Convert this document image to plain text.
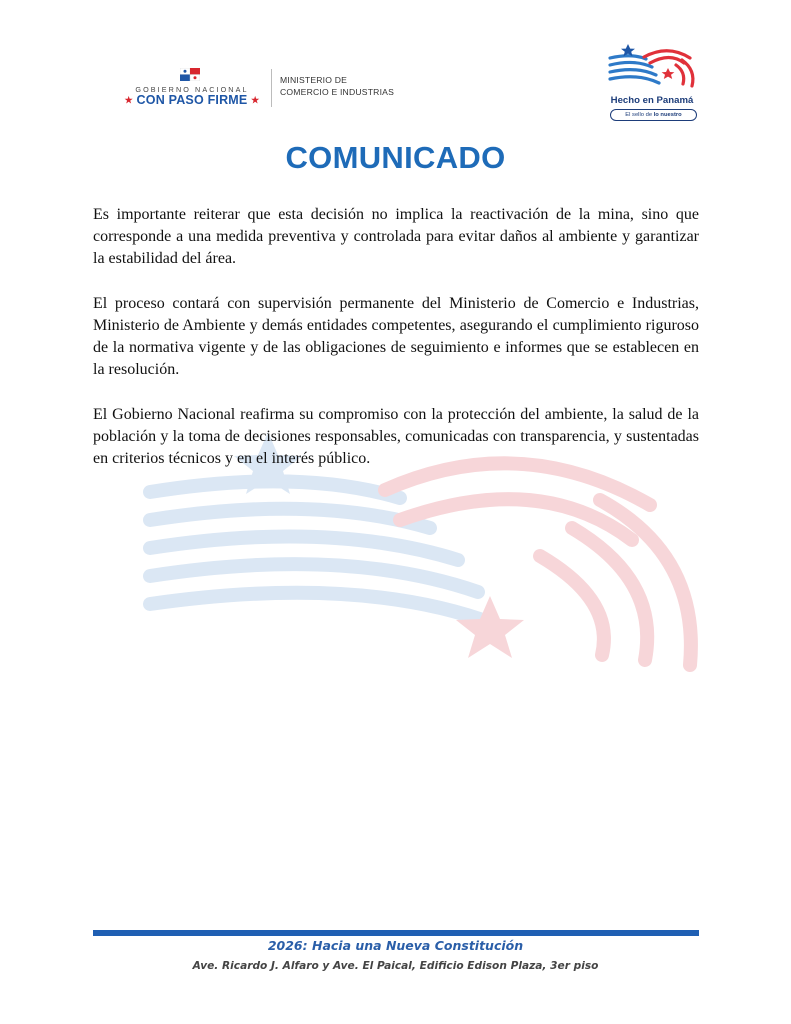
GOBIERNO NACIONAL
★ CON PASO FIRME ★
MINISTERIO DE
COMERCIO E INDUSTRIAS
Hecho en Panamá
El sello de lo nuestro
COMUNICADO

Es importante reiterar que esta decisión no implica la reactivación de la mina, sino que corresponde a una medida preventiva y controlada para evitar daños al ambiente y garantizar la estabilidad del área.

El proceso contará con supervisión permanente del Ministerio de Comercio e Industrias, Ministerio de Ambiente y demás entidades competentes, asegurando el cumplimiento riguroso de la normativa vigente y de las obligaciones de seguimiento e informes que se establecen en la resolución.

El Gobierno Nacional reafirma su compromiso con la protección del ambiente, la salud de la población y la toma de decisiones responsables, comunicadas con transparencia, y sustentadas en criterios técnicos y en el interés público.

2026: Hacia una Nueva Constitución
Ave. Ricardo J. Alfaro y Ave. El Paical, Edificio Edison Plaza, 3er piso
